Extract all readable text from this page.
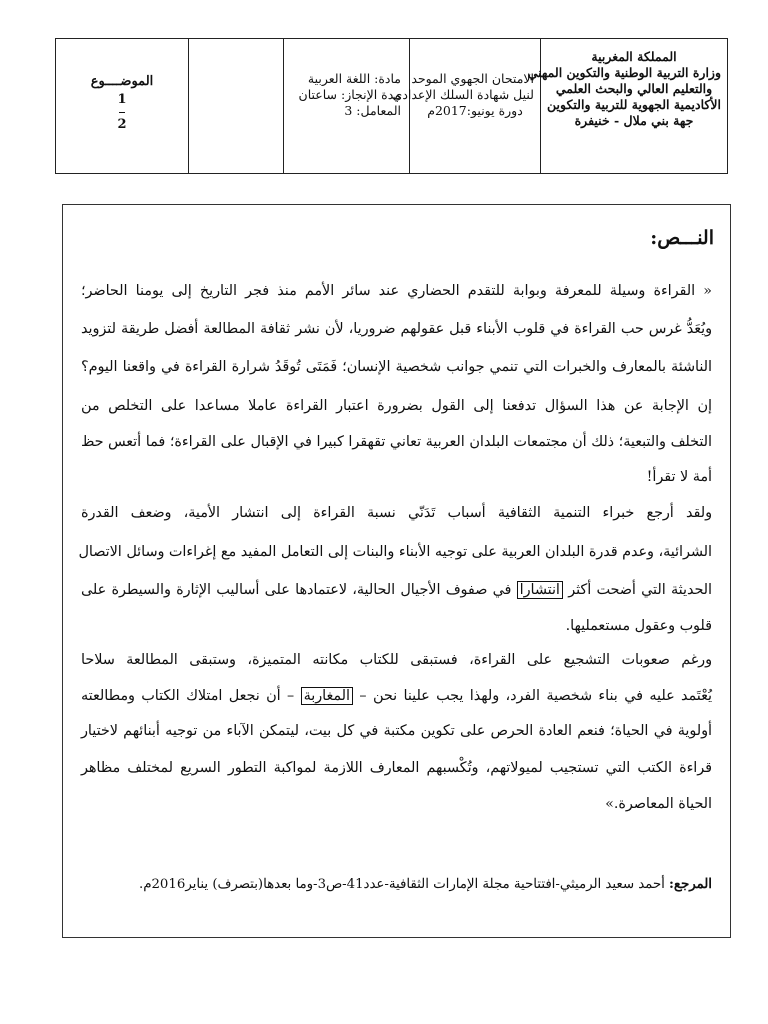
المملكة المغربية
وزارة التربية الوطنية والتكوين المهني
والتعليم العالي والبحث العلمي
الأكاديمية الجهوية للتربية والتكوين
جهة بني ملال - خنيفرة
الامتحان الجهوي الموحد
لنيل شهادة السلك الإعدادي
دورة يونيو:2017م
مادة: اللغة العربية
مدة الإنجاز: ساعتان
المعامل: 3
الموضــــوع
1
2
النـــص:
« القراءة وسيلة للمعرفة وبوابة للتقدم الحضاري عند سائر الأمم منذ فجر التاريخ إلى يومنا الحاضر؛
ويُعَدُّ غرس حب القراءة في قلوب الأبناء قبل عقولهم ضروريا، لأن نشر ثقافة المطالعة أفضل طريقة لتزويد
الناشئة بالمعارف والخبرات التي تنمي جوانب شخصية الإنسان؛ فَمَتَى تُوقَدُ شرارة القراءة في واقعنا اليوم؟
إن الإجابة عن هذا السؤال تدفعنا إلى القول بضرورة اعتبار القراءة عاملا مساعدا على التخلص من
التخلف والتبعية؛ ذلك أن مجتمعات البلدان العربية تعاني تقهقرا كبيرا في الإقبال على القراءة؛ فما أتعس حظ
أمة لا تقرأ!
ولقد أرجع خبراء التنمية الثقافية أسباب تَدَنّي نسبة القراءة إلى انتشار الأمية، وضعف القدرة
الشرائية، وعدم قدرة البلدان العربية على توجيه الأبناء والبنات إلى التعامل المفيد مع إغراءات وسائل الاتصال
الحديثة التي أضحت أكثر انتشارا في صفوف الأجيال الحالية، لاعتمادها على أساليب الإثارة والسيطرة على
قلوب وعقول مستعمليها.
ورغم صعوبات التشجيع على القراءة، فستبقى للكتاب مكانته المتميزة، وستبقى المطالعة سلاحا
يُعْتَمد عليه في بناء شخصية الفرد، ولهذا يجب علينا نحن – المغاربة – أن نجعل امتلاك الكتاب ومطالعته
أولوية في الحياة؛ فنعم العادة الحرص على تكوين مكتبة في كل بيت، ليتمكن الآباء من توجيه أبنائهم لاختيار
قراءة الكتب التي تستجيب لميولاتهم، وتُكْسبهم المعارف اللازمة لمواكبة التطور السريع لمختلف مظاهر
الحياة المعاصرة.»
المرجع: أحمد سعيد الرميثي-افتتاحية مجلة الإمارات الثقافية-عدد41-ص3-وما بعدها(بتصرف) يناير2016م.
